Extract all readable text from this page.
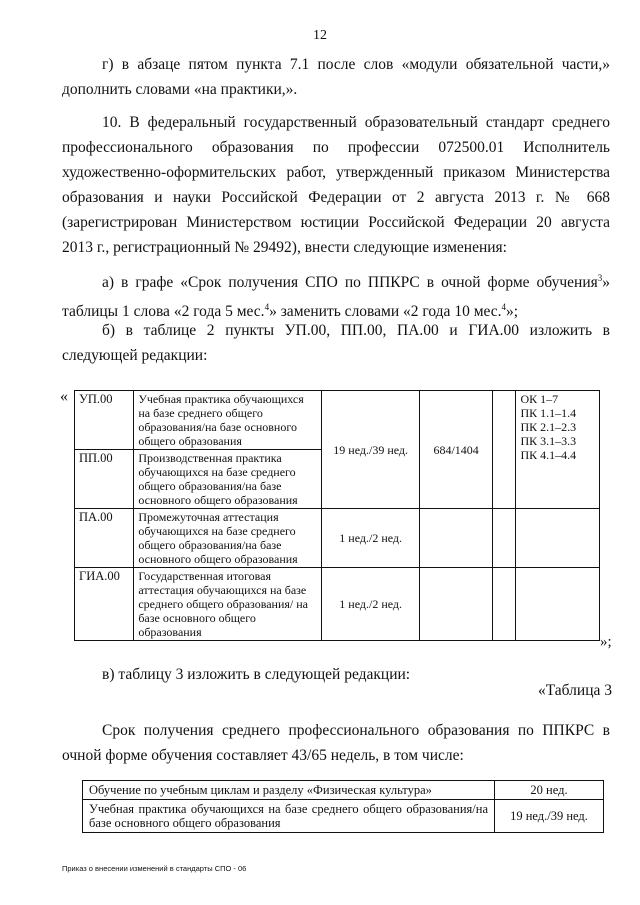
12
г) в абзаце пятом пункта 7.1 после слов «модули обязательной части,» дополнить словами «на практики,».
10. В федеральный государственный образовательный стандарт среднего профессионального образования по профессии 072500.01 Исполнитель художественно-оформительских работ, утвержденный приказом Министерства образования и науки Российской Федерации от 2 августа 2013 г. № 668 (зарегистрирован Министерством юстиции Российской Федерации 20 августа 2013 г., регистрационный № 29492), внести следующие изменения:
а) в графе «Срок получения СПО по ППКРС в очной форме обучения$^3$» таблицы 1 слова «2 года 5 мес.$^4$» заменить словами «2 года 10 мес.$^4$»;
б) в таблице 2 пункты УП.00, ПП.00, ПА.00 и ГИА.00 изложить в следующей редакции:
« УП.00	Учебная практика обучающихся на базе среднего общего образования/на базе основного общего образования	19 нед./39 нед.	684/1404		ОК 1–7
ПК 1.1–1.4
ПК 2.1–2.3
ПК 3.1–3.3
ПК 4.1–4.4

ПП.00	Производственная практика обучающихся на базе среднего общего образования/на базе основного общего образования				
ПА.00	Промежуточная аттестация обучающихся на базе среднего общего образования/на базе основного общего образования	1 нед./2 нед.			
ГИА.00	Государственная итоговая аттестация обучающихся на базе среднего общего образования/ на базе основного общего образования	1 нед./2 нед.			
»;
в) таблицу 3 изложить в следующей редакции:
«Таблица 3
Срок получения среднего профессионального образования по ППКРС в очной форме обучения составляет 43/65 недель, в том числе:
Обучение по учебным циклам и разделу «Физическая культура»	20 нед.
Учебная практика обучающихся на базе среднего общего образования/на базе основного общего образования	19 нед./39 нед.
Приказ о внесении изменений в стандарты СПО - 06
